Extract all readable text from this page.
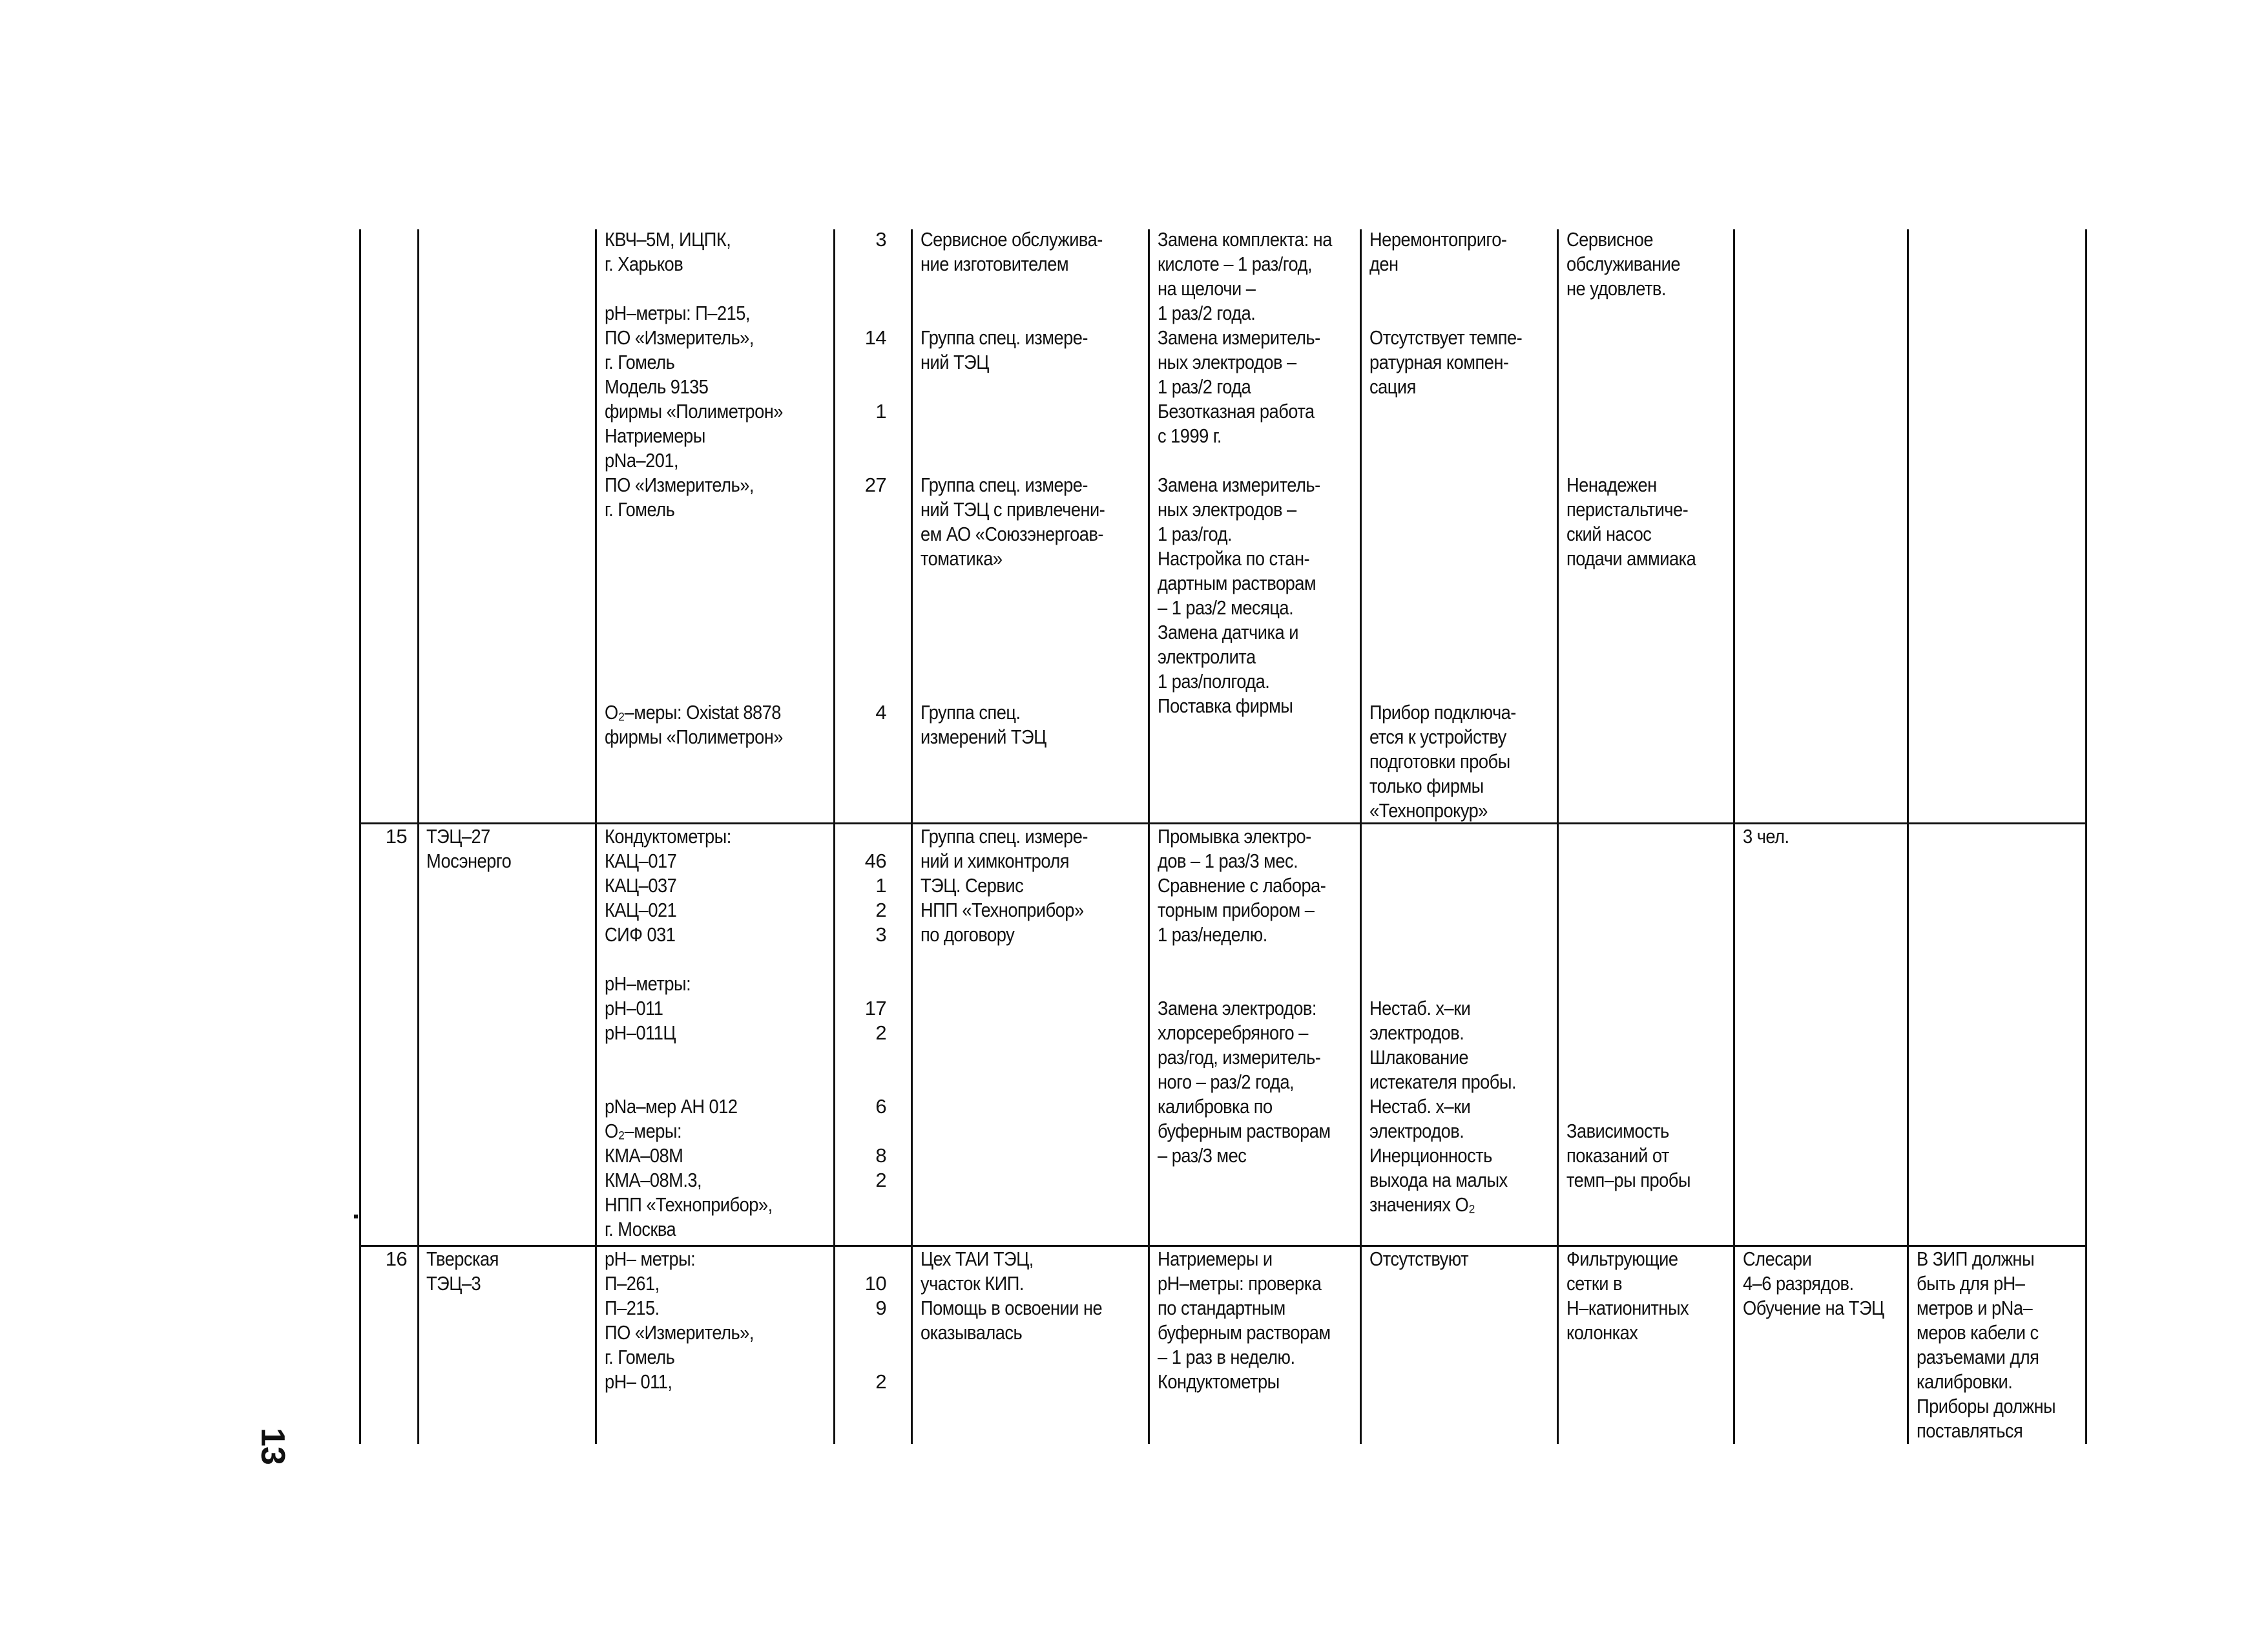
13
КВЧ–5М, ИЦПК,
г. Харьков

pH–метры: П–215,
ПО «Измеритель»,
г. Гомель
Модель 9135
фирмы «Полиметрон»
Натриемеры
pNa–201,
ПО «Измеритель»,
г. Гомель
O₂–меры: Oxistat 8878
фирмы «Полиметрон»
3

14

1

27
4
Сервисное обслужива-
ние изготовителем

Группа спец. измере-
ний ТЭЦ

Группа спец. измере-
ний ТЭЦ с привлечени-
ем АО «Союзэнергоав-
томатика»
Группа спец.
измерений ТЭЦ
Замена комплекта: на
кислоте – 1 раз/год,
на щелочи –
1 раз/2 года.
Замена измеритель-
ных электродов –
1 раз/2 года
Безотказная работа
с 1999 г.

Замена измеритель-
ных электродов –
1 раз/год.
Настройка по стан-
дартным растворам
– 1 раз/2 месяца.
Замена датчика и
электролита
1 раз/полгода.
Поставка фирмы
Неремонтоприго-
ден

Отсутствует темпе-
ратурная компен-
сация
Прибор подключа-
ется к устройству
подготовки пробы
только фирмы
«Технопрокур»
Сервисное
обслуживание
не удовлетв.

Ненадежен
перистальтиче-
ский насос
подачи аммиака
15 ТЭЦ–27
Мосэнерго
Кондуктометры:
КАЦ–017
КАЦ–037
КАЦ–021
СИФ 031

pH–метры:
pH–011
pH–011Ц

pNa–мер АН 012
O₂–меры:
КМА–08М
КМА–08М.3,
НПП «Технoприбор»,
г. Москва

46
1
2
3

17
2

6

8
2
Группа спец. измере-
ний и химконтроля
ТЭЦ. Сервис
НПП «Технoприбор»
по договору
Промывка электро-
дов – 1 раз/3 мес.
Сравнение с лабора-
торным прибором –
1 раз/неделю.

Замена электродов:
хлорсеребряного –
раз/год, измеритель-
ного – раз/2 года,
калибровка по
буферным растворам
– раз/3 мес

Нестаб. х–ки
электродов.
Шлакование
истекателя пробы.
Нестаб. х–ки
электродов.
Инерционность
выхода на малых
значениях O₂

Зависимость
показаний от
темп–ры пробы
3 чел.
16 Тверская
ТЭЦ–3
pH– метры:
П–261,
П–215.
ПО «Измеритель»,
г. Гомель
pH– 011,

10
9

2
Цех ТАИ ТЭЦ,
участок КИП.
Помощь в освоении не
оказывалась
Натриемеры и
pH–метры: проверка
по стандартным
буферным растворам
– 1 раз в неделю.
Кондуктометры
Отсутствуют	Фильтрующие
сетки в
Н–катионитных
колонках
Слесари
4–6 разрядов.
Обучение на ТЭЦ
В ЗИП должны
быть для pH–
метров и pNa–
меров кабели с
разъемами для
калибровки.
Приборы должны
поставляться
